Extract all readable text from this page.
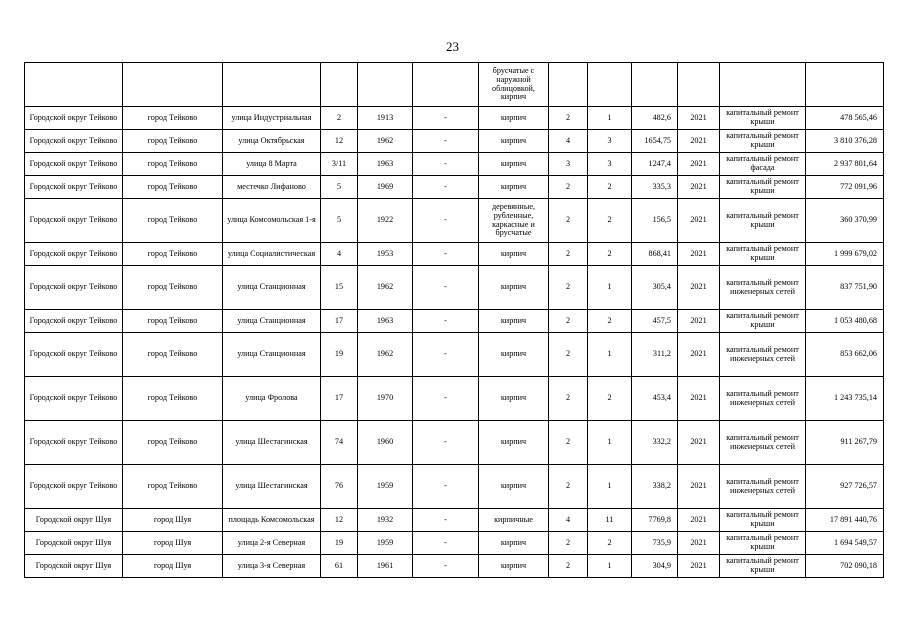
23
						брусчатые с наружной облицовкой, кирпич						
Городской округ Тейково	город Тейково	улица Индустриальная	2	1913	-	кирпич	2	1	482,6	2021	капитальный ремонт крыши	478 565,46
Городской округ Тейково	город Тейково	улица Октябрьская	12	1962	-	кирпич	4	3	1654,75	2021	капитальный ремонт крыши	3 810 376,28
Городской округ Тейково	город Тейково	улица 8 Марта	3/11	1963	-	кирпич	3	3	1247,4	2021	капитальный ремонт фасада	2 937 801,64
Городской округ Тейково	город Тейково	местечко Лифаново	5	1969	-	кирпич	2	2	335,3	2021	капитальный ремонт крыши	772 091,96
Городской округ Тейково	город Тейково	улица Комсомольская 1-я	5	1922	-	деревянные, рубленные, каркасные и брусчатые	2	2	156,5	2021	капитальный ремонт крыши	360 370,99
Городской округ Тейково	город Тейково	улица Социалистическая	4	1953	-	кирпич	2	2	868,41	2021	капитальный ремонт крыши	1 999 679,02
Городской округ Тейково	город Тейково	улица Станционная	15	1962	-	кирпич	2	1	305,4	2021	капитальный ремонт инженерных сетей	837 751,90
Городской округ Тейково	город Тейково	улица Станционная	17	1963	-	кирпич	2	2	457,5	2021	капитальный ремонт крыши	1 053 480,68
Городской округ Тейково	город Тейково	улица Станционная	19	1962	-	кирпич	2	1	311,2	2021	капитальный ремонт инженерных сетей	853 662,06
Городской округ Тейково	город Тейково	улица Фролова	17	1970	-	кирпич	2	2	453,4	2021	капитальный ремонт инженерных сетей	1 243 735,14
Городской округ Тейково	город Тейково	улица Шестагинская	74	1960	-	кирпич	2	1	332,2	2021	капитальный ремонт инженерных сетей	911 267,79
Городской округ Тейково	город Тейково	улица Шестагинская	76	1959	-	кирпич	2	1	338,2	2021	капитальный ремонт инженерных сетей	927 726,57
Городской округ Шуя	город Шуя	площадь Комсомольская	12	1932	-	кирпичные	4	11	7769,8	2021	капитальный ремонт крыши	17 891 440,76
Городской округ Шуя	город Шуя	улица 2-я Северная	19	1959	-	кирпич	2	2	735,9	2021	капитальный ремонт крыши	1 694 549,57
Городской округ Шуя	город Шуя	улица 3-я Северная	61	1961	-	кирпич	2	1	304,9	2021	капитальный ремонт крыши	702 090,18
